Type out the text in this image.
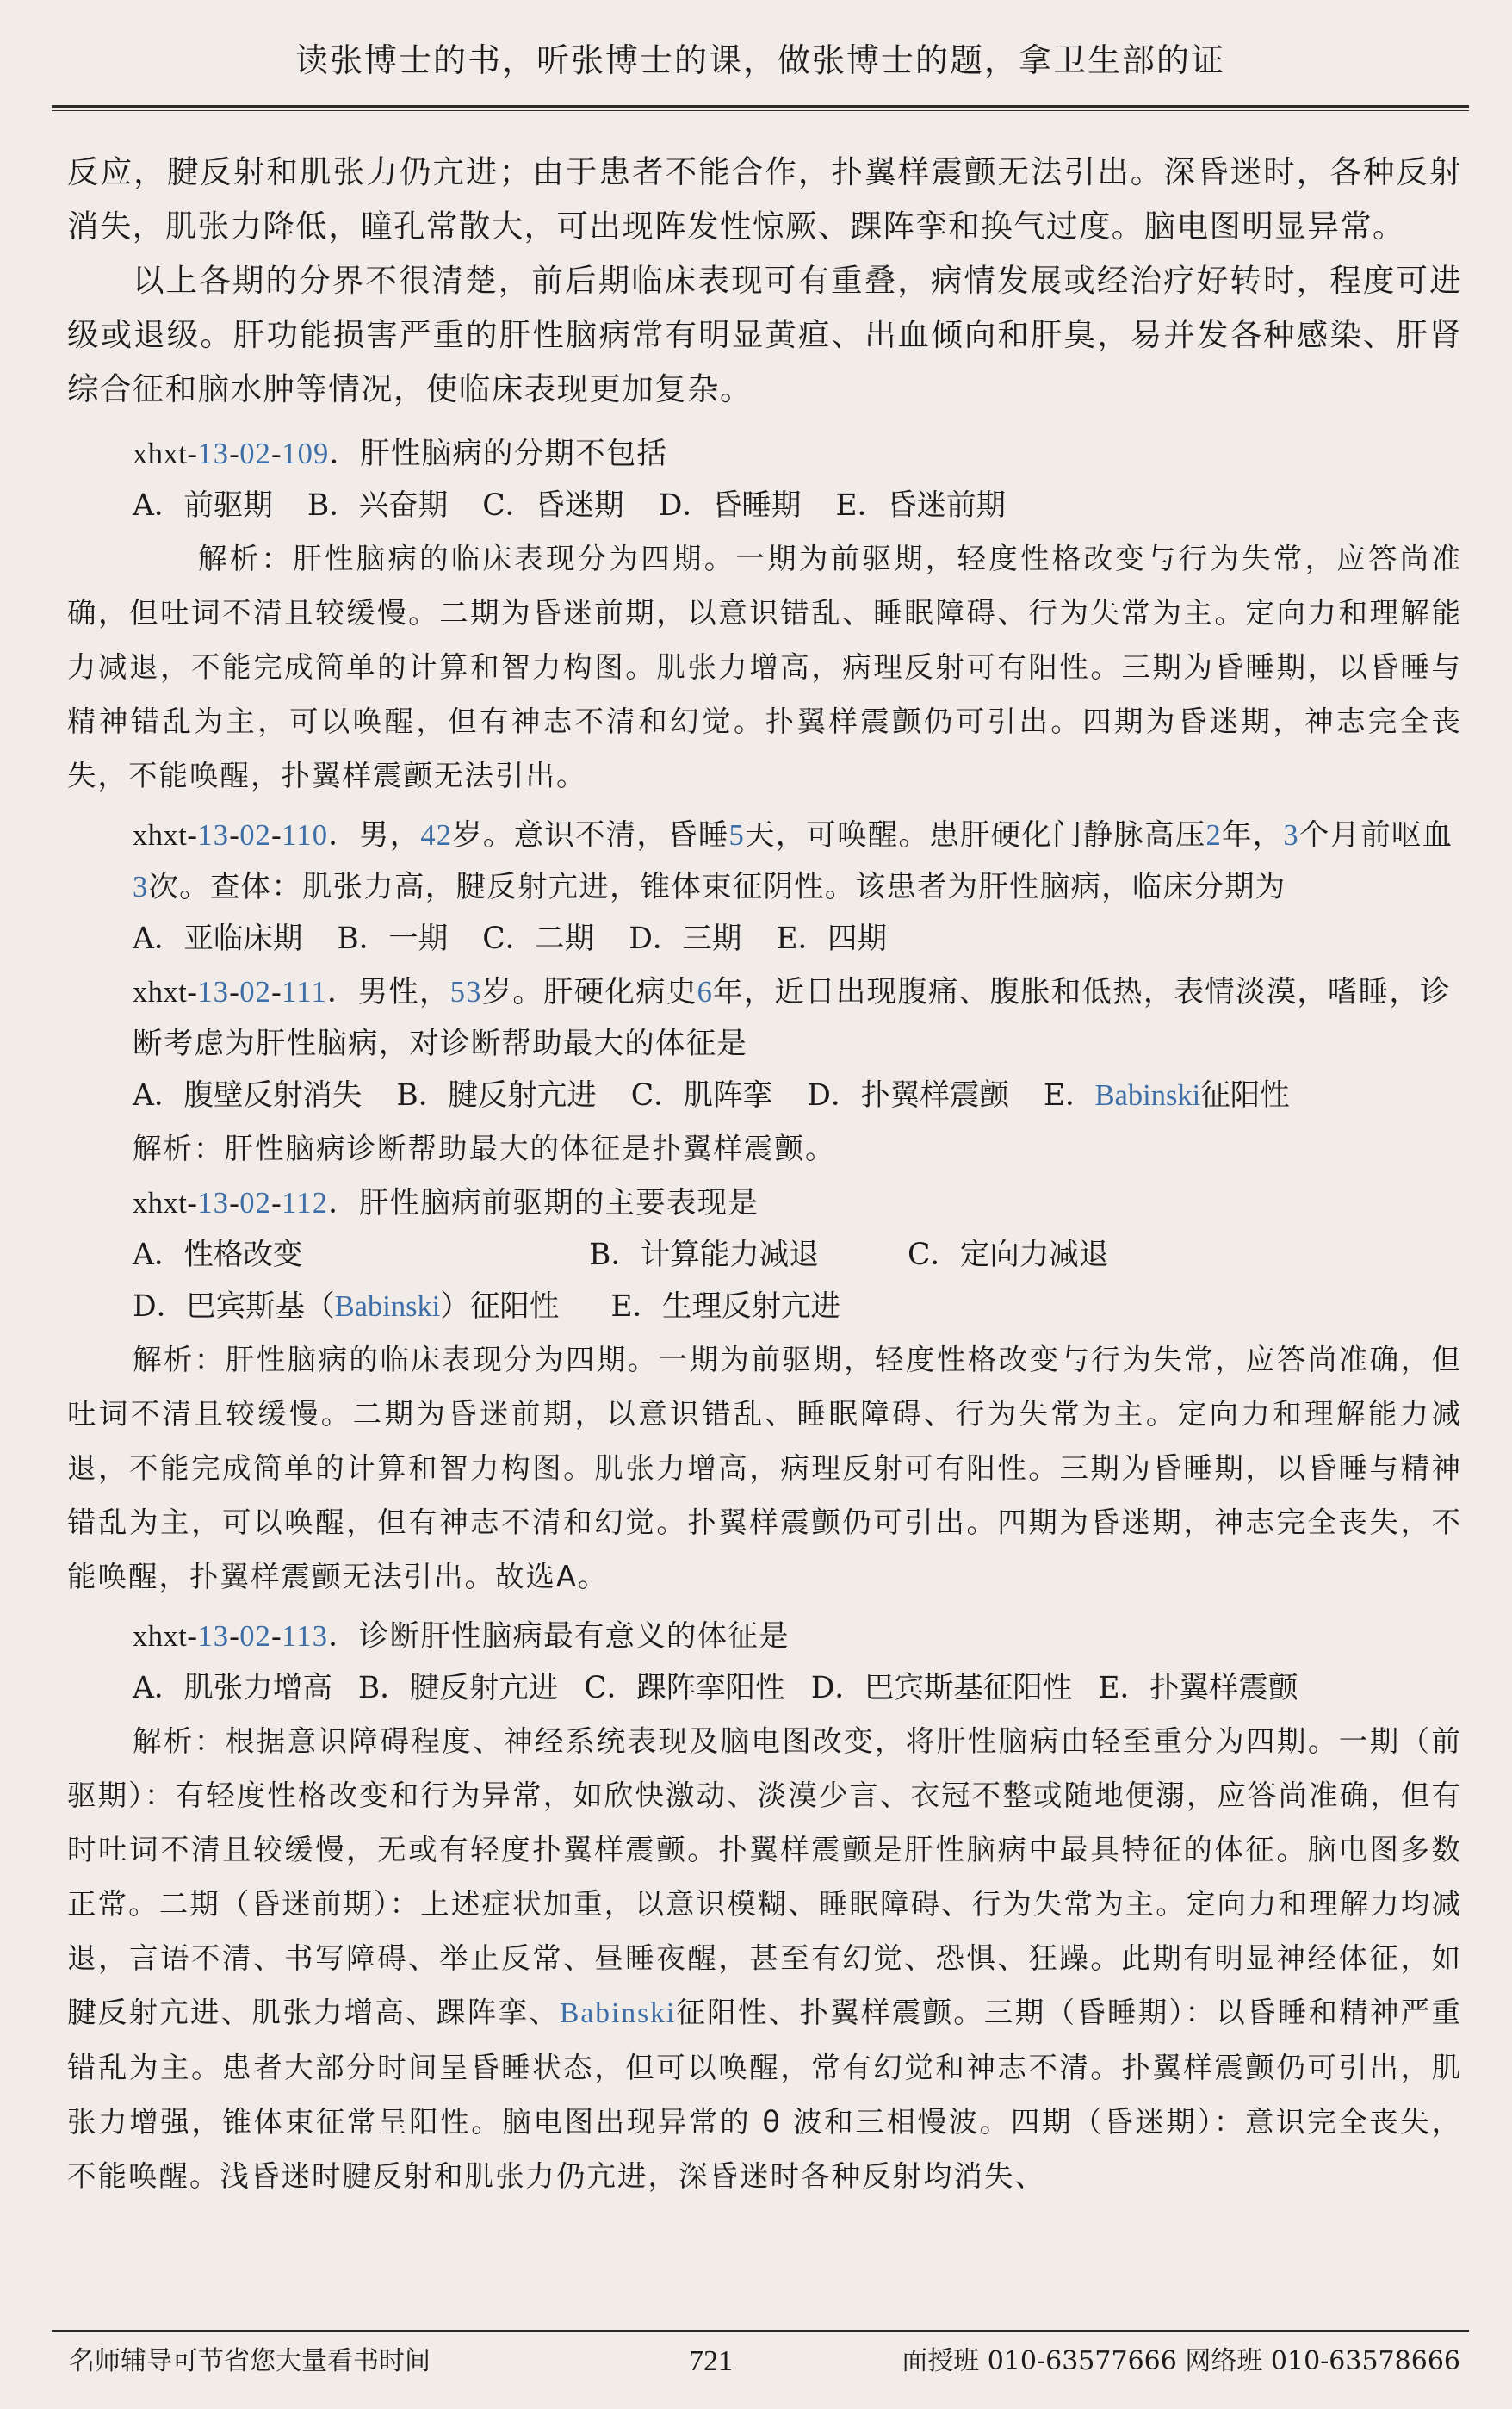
读张博士的书，听张博士的课，做张博士的题，拿卫生部的证

反应，腱反射和肌张力仍亢进；由于患者不能合作，扑翼样震颤无法引出。深昏迷时，各种反射消失，肌张力降低，瞳孔常散大，可出现阵发性惊厥、踝阵挛和换气过度。脑电图明显异常。

以上各期的分界不很清楚，前后期临床表现可有重叠，病情发展或经治疗好转时，程度可进级或退级。肝功能损害严重的肝性脑病常有明显黄疸、出血倾向和肝臭，易并发各种感染、肝肾综合征和脑水肿等情况，使临床表现更加复杂。

xhxt-13-02-109．肝性脑病的分期不包括
A．前驱期 B．兴奋期 C．昏迷期 D．昏睡期 E．昏迷前期

解析：肝性脑病的临床表现分为四期。一期为前驱期，轻度性格改变与行为失常，应答尚准确，但吐词不清且较缓慢。二期为昏迷前期，以意识错乱、睡眠障碍、行为失常为主。定向力和理解能力减退，不能完成简单的计算和智力构图。肌张力增高，病理反射可有阳性。三期为昏睡期，以昏睡与精神错乱为主，可以唤醒，但有神志不清和幻觉。扑翼样震颤仍可引出。四期为昏迷期，神志完全丧失，不能唤醒，扑翼样震颤无法引出。

xhxt-13-02-110．男，42岁。意识不清，昏睡5天，可唤醒。患肝硬化门静脉高压2年，3个月前呕血3次。查体：肌张力高，腱反射亢进，锥体束征阴性。该患者为肝性脑病，临床分期为
A．亚临床期 B．一期 C．二期 D．三期 E．四期
xhxt-13-02-111．男性，53岁。肝硬化病史6年，近日出现腹痛、腹胀和低热，表情淡漠，嗜睡，诊断考虑为肝性脑病，对诊断帮助最大的体征是
A．腹壁反射消失 B．腱反射亢进 C．肌阵挛 D．扑翼样震颤 E．Babinski征阳性

解析：肝性脑病诊断帮助最大的体征是扑翼样震颤。

xhxt-13-02-112．肝性脑病前驱期的主要表现是
A．性格改变	B．计算能力减退	C．定向力减退
D．巴宾斯基（Babinski）征阳性 E．生理反射亢进

解析：肝性脑病的临床表现分为四期。一期为前驱期，轻度性格改变与行为失常，应答尚准确，但吐词不清且较缓慢。二期为昏迷前期，以意识错乱、睡眠障碍、行为失常为主。定向力和理解能力减退，不能完成简单的计算和智力构图。肌张力增高，病理反射可有阳性。三期为昏睡期，以昏睡与精神错乱为主，可以唤醒，但有神志不清和幻觉。扑翼样震颤仍可引出。四期为昏迷期，神志完全丧失，不能唤醒，扑翼样震颤无法引出。故选A。

xhxt-13-02-113．诊断肝性脑病最有意义的体征是
A．肌张力增高 B．腱反射亢进 C．踝阵挛阳性 D．巴宾斯基征阳性 E．扑翼样震颤

解析：根据意识障碍程度、神经系统表现及脑电图改变，将肝性脑病由轻至重分为四期。一期（前驱期）：有轻度性格改变和行为异常，如欣快激动、淡漠少言、衣冠不整或随地便溺，应答尚准确，但有时吐词不清且较缓慢，无或有轻度扑翼样震颤。扑翼样震颤是肝性脑病中最具特征的体征。脑电图多数正常。二期（昏迷前期）：上述症状加重，以意识模糊、睡眠障碍、行为失常为主。定向力和理解力均减退，言语不清、书写障碍、举止反常、昼睡夜醒，甚至有幻觉、恐惧、狂躁。此期有明显神经体征，如腱反射亢进、肌张力增高、踝阵挛、Babinski征阳性、扑翼样震颤。三期（昏睡期）：以昏睡和精神严重错乱为主。患者大部分时间呈昏睡状态，但可以唤醒，常有幻觉和神志不清。扑翼样震颤仍可引出，肌张力增强，锥体束征常呈阳性。脑电图出现异常的 θ 波和三相慢波。四期（昏迷期）：意识完全丧失，不能唤醒。浅昏迷时腱反射和肌张力仍亢进，深昏迷时各种反射均消失、

名师辅导可节省您大量看书时间	721	面授班 010-63577666 网络班 010-63578666
